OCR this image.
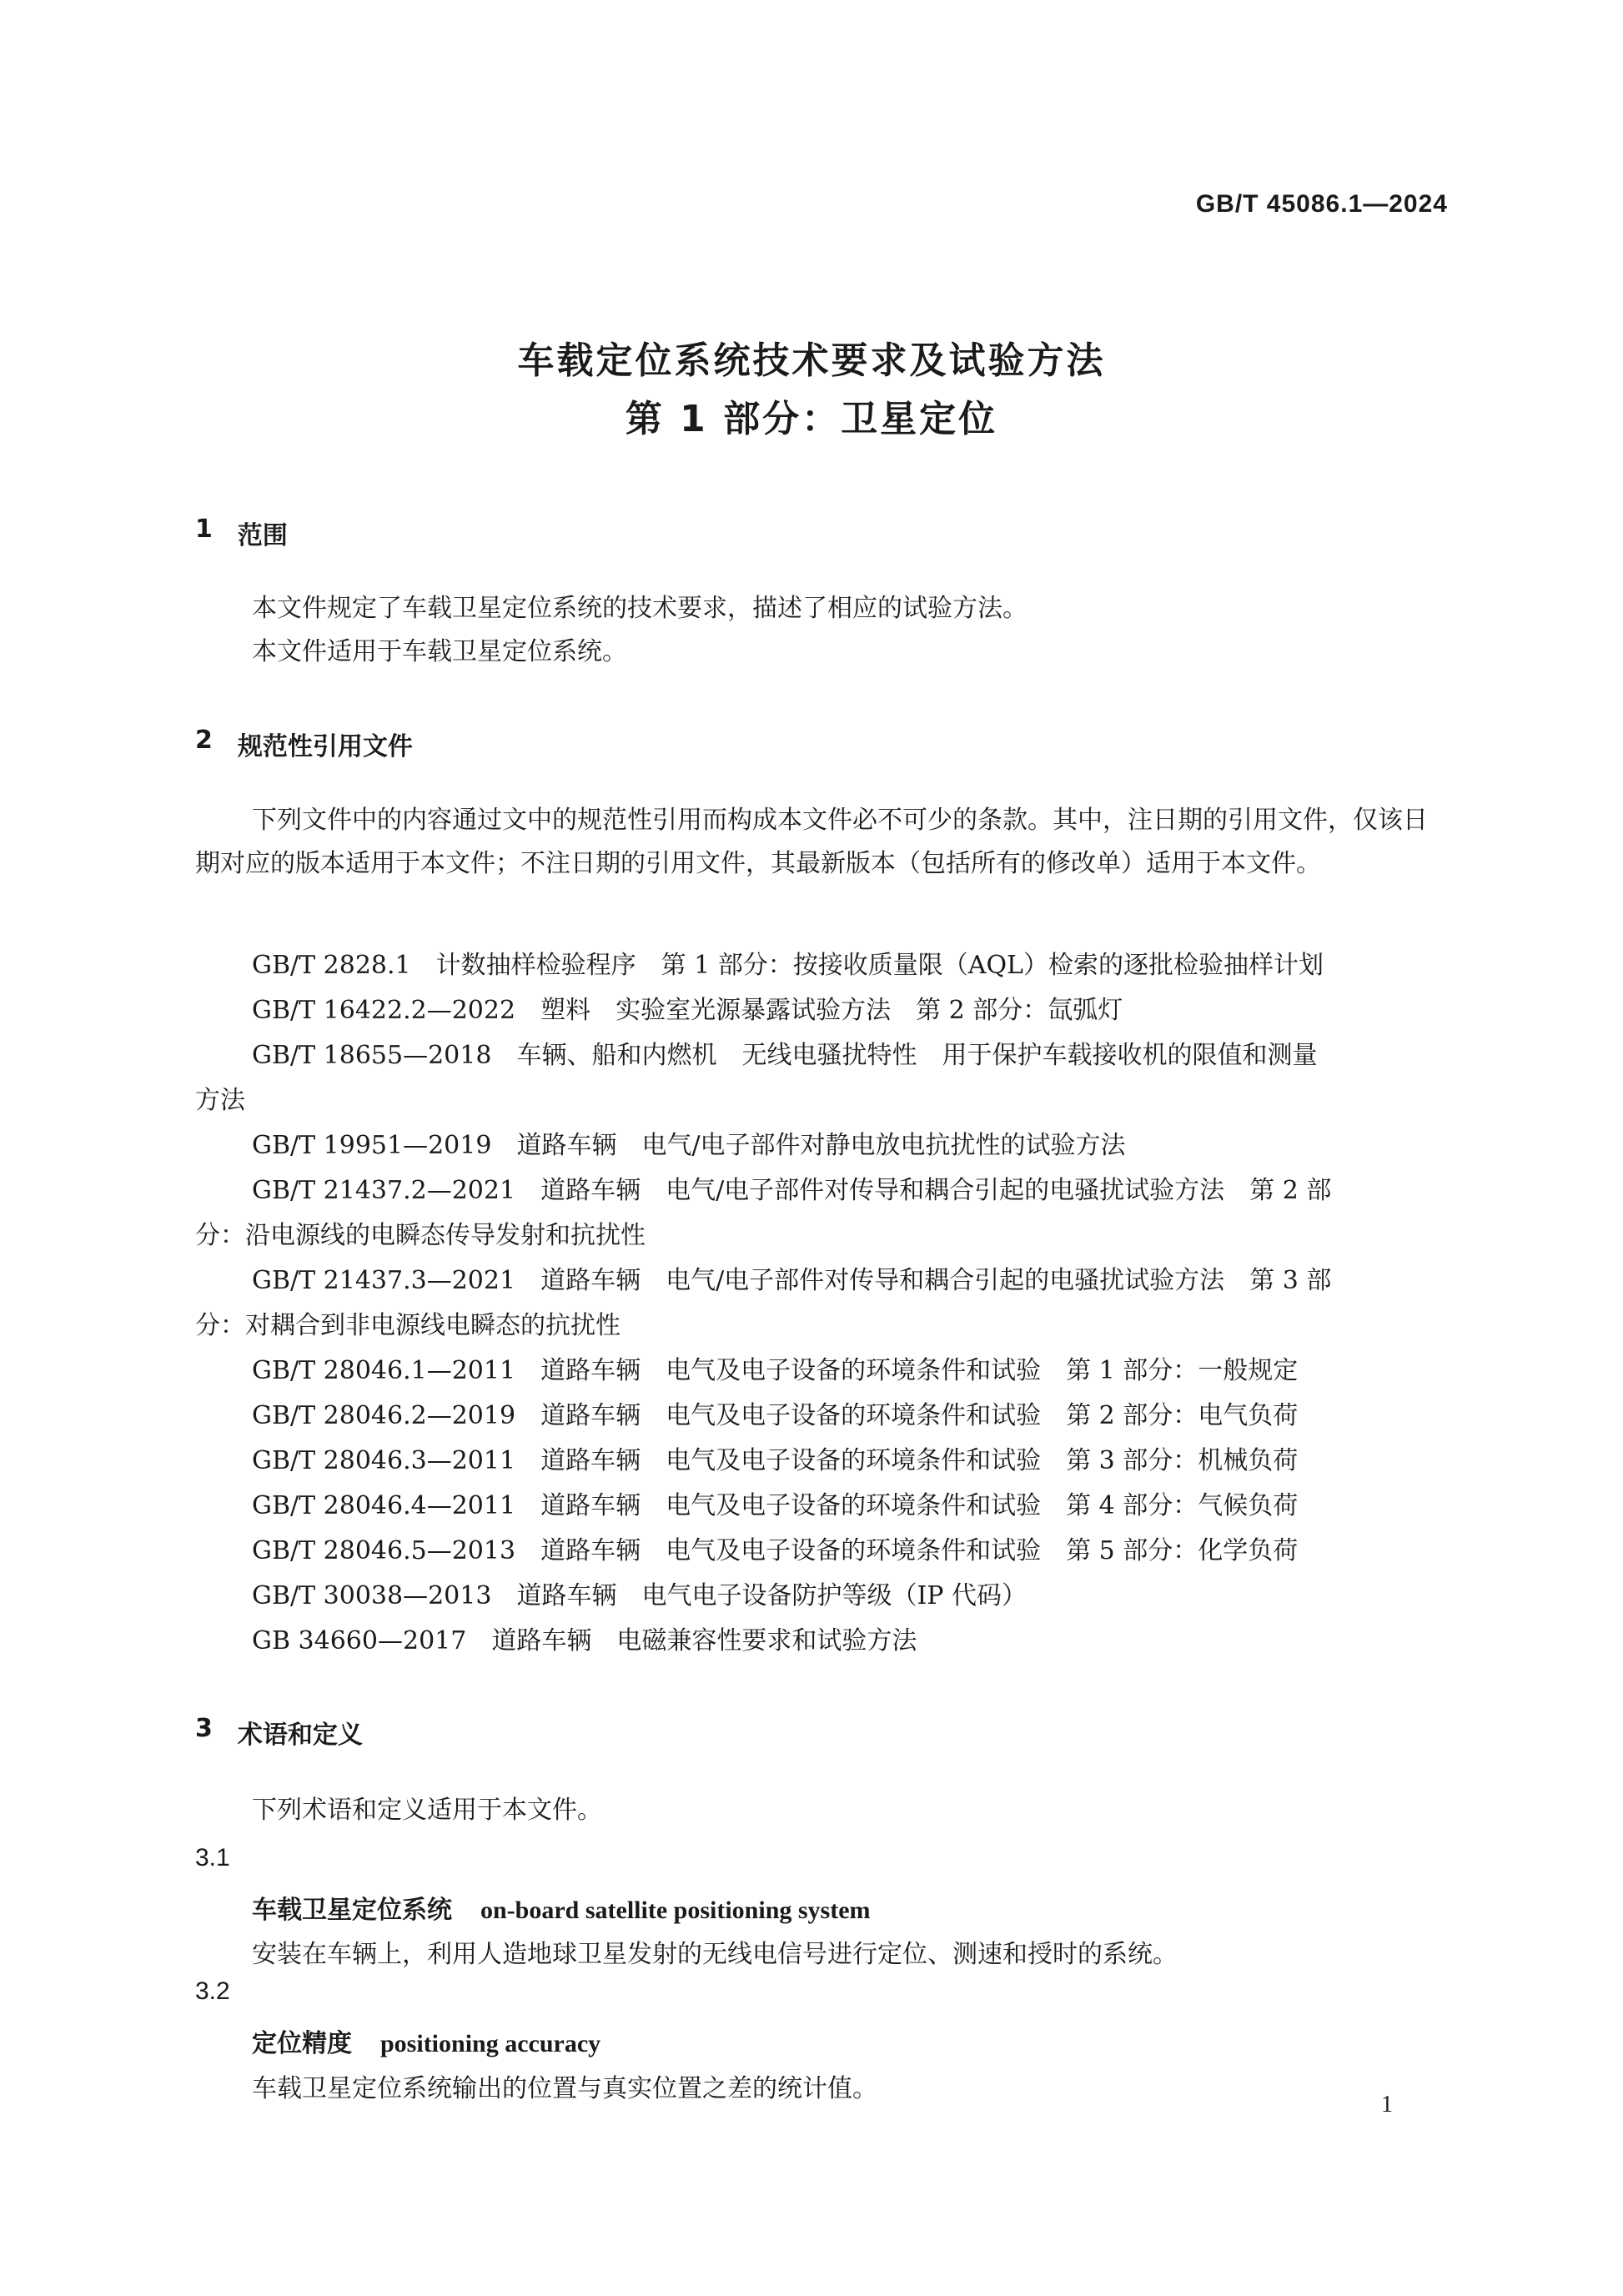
GB/T 45086.1—2024
车载定位系统技术要求及试验方法
第 1 部分：卫星定位
1 范围
本文件规定了车载卫星定位系统的技术要求，描述了相应的试验方法。
本文件适用于车载卫星定位系统。
2 规范性引用文件
下列文件中的内容通过文中的规范性引用而构成本文件必不可少的条款。其中，注日期的引用文件，仅该日期对应的版本适用于本文件；不注日期的引用文件，其最新版本（包括所有的修改单）适用于本文件。
GB/T 2828.1　计数抽样检验程序　第 1 部分：按接收质量限（AQL）检索的逐批检验抽样计划
GB/T 16422.2—2022　塑料　实验室光源暴露试验方法　第 2 部分：氙弧灯
GB/T 18655—2018　车辆、船和内燃机　无线电骚扰特性　用于保护车载接收机的限值和测量
方法
GB/T 19951—2019　道路车辆　电气/电子部件对静电放电抗扰性的试验方法
GB/T 21437.2—2021　道路车辆　电气/电子部件对传导和耦合引起的电骚扰试验方法　第 2 部
分：沿电源线的电瞬态传导发射和抗扰性
GB/T 21437.3—2021　道路车辆　电气/电子部件对传导和耦合引起的电骚扰试验方法　第 3 部
分：对耦合到非电源线电瞬态的抗扰性
GB/T 28046.1—2011　道路车辆　电气及电子设备的环境条件和试验　第 1 部分：一般规定
GB/T 28046.2—2019　道路车辆　电气及电子设备的环境条件和试验　第 2 部分：电气负荷
GB/T 28046.3—2011　道路车辆　电气及电子设备的环境条件和试验　第 3 部分：机械负荷
GB/T 28046.4—2011　道路车辆　电气及电子设备的环境条件和试验　第 4 部分：气候负荷
GB/T 28046.5—2013　道路车辆　电气及电子设备的环境条件和试验　第 5 部分：化学负荷
GB/T 30038—2013　道路车辆　电气电子设备防护等级（IP 代码）
GB 34660—2017　道路车辆　电磁兼容性要求和试验方法
3 术语和定义
下列术语和定义适用于本文件。
3.1
车载卫星定位系统 on-board satellite positioning system
安装在车辆上，利用人造地球卫星发射的无线电信号进行定位、测速和授时的系统。
3.2
定位精度 positioning accuracy
车载卫星定位系统输出的位置与真实位置之差的统计值。
1
